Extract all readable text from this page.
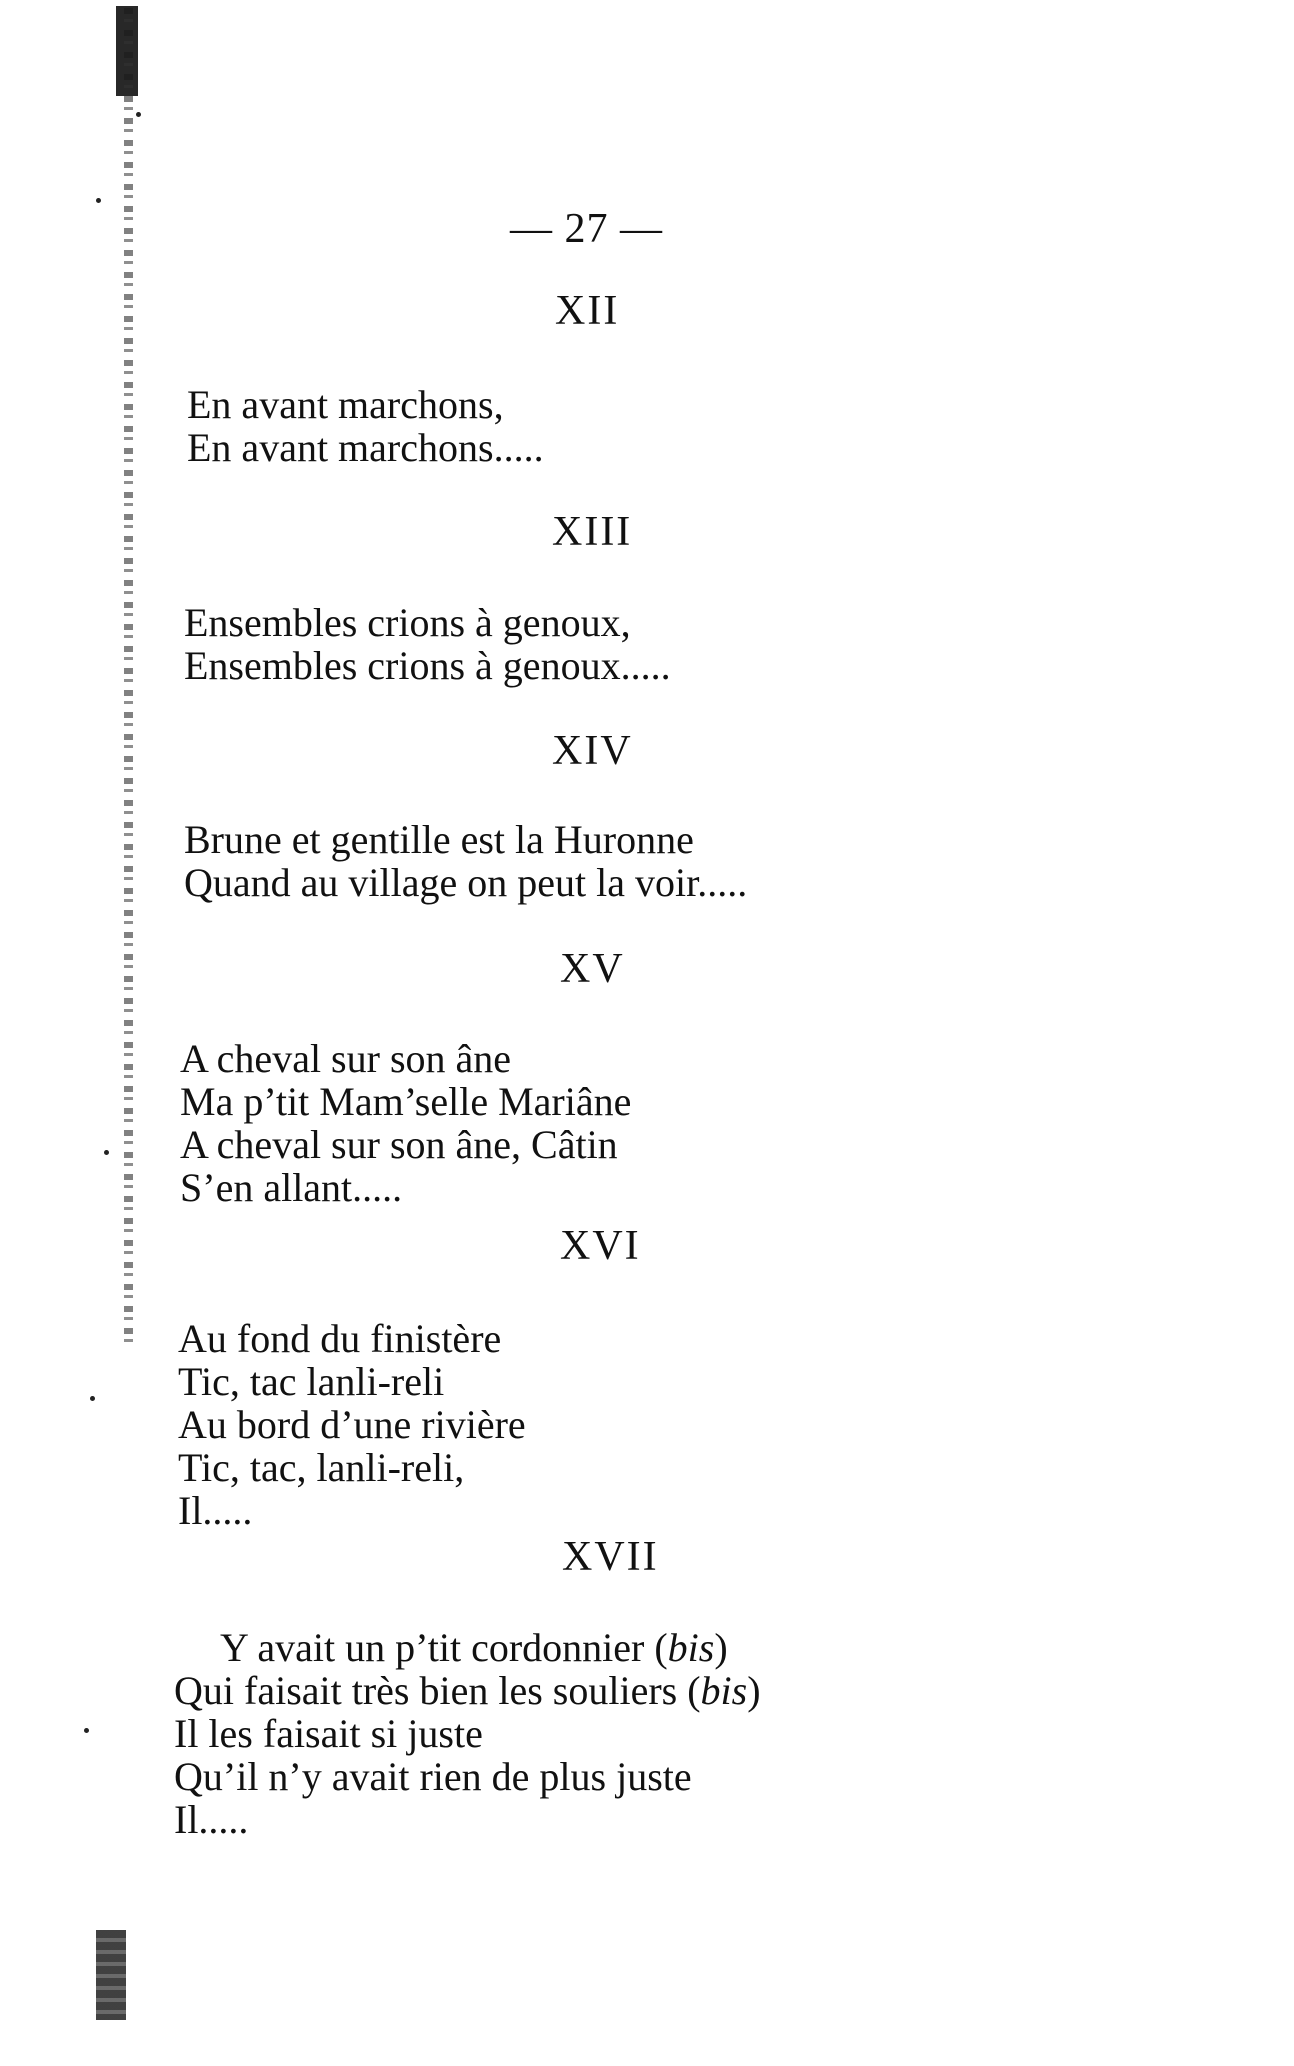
— 27 —
XII
En avant marchons,
En avant marchons.....
XIII
Ensembles crions à genoux,
Ensembles crions à genoux.....
XIV
Brune et gentille est la Huronne
Quand au village on peut la voir.....
XV
A cheval sur son âne
Ma p’tit Mam’selle Mariâne
A cheval sur son âne, Câtin
S’en allant.....
XVI
Au fond du finistère
Tic, tac lanli-reli
Au bord d’une rivière
Tic, tac, lanli-reli,
Il.....
XVII
Y avait un p’tit cordonnier (bis)
Qui faisait très bien les souliers (bis)
Il les faisait si juste
Qu’il n’y avait rien de plus juste
Il.....
